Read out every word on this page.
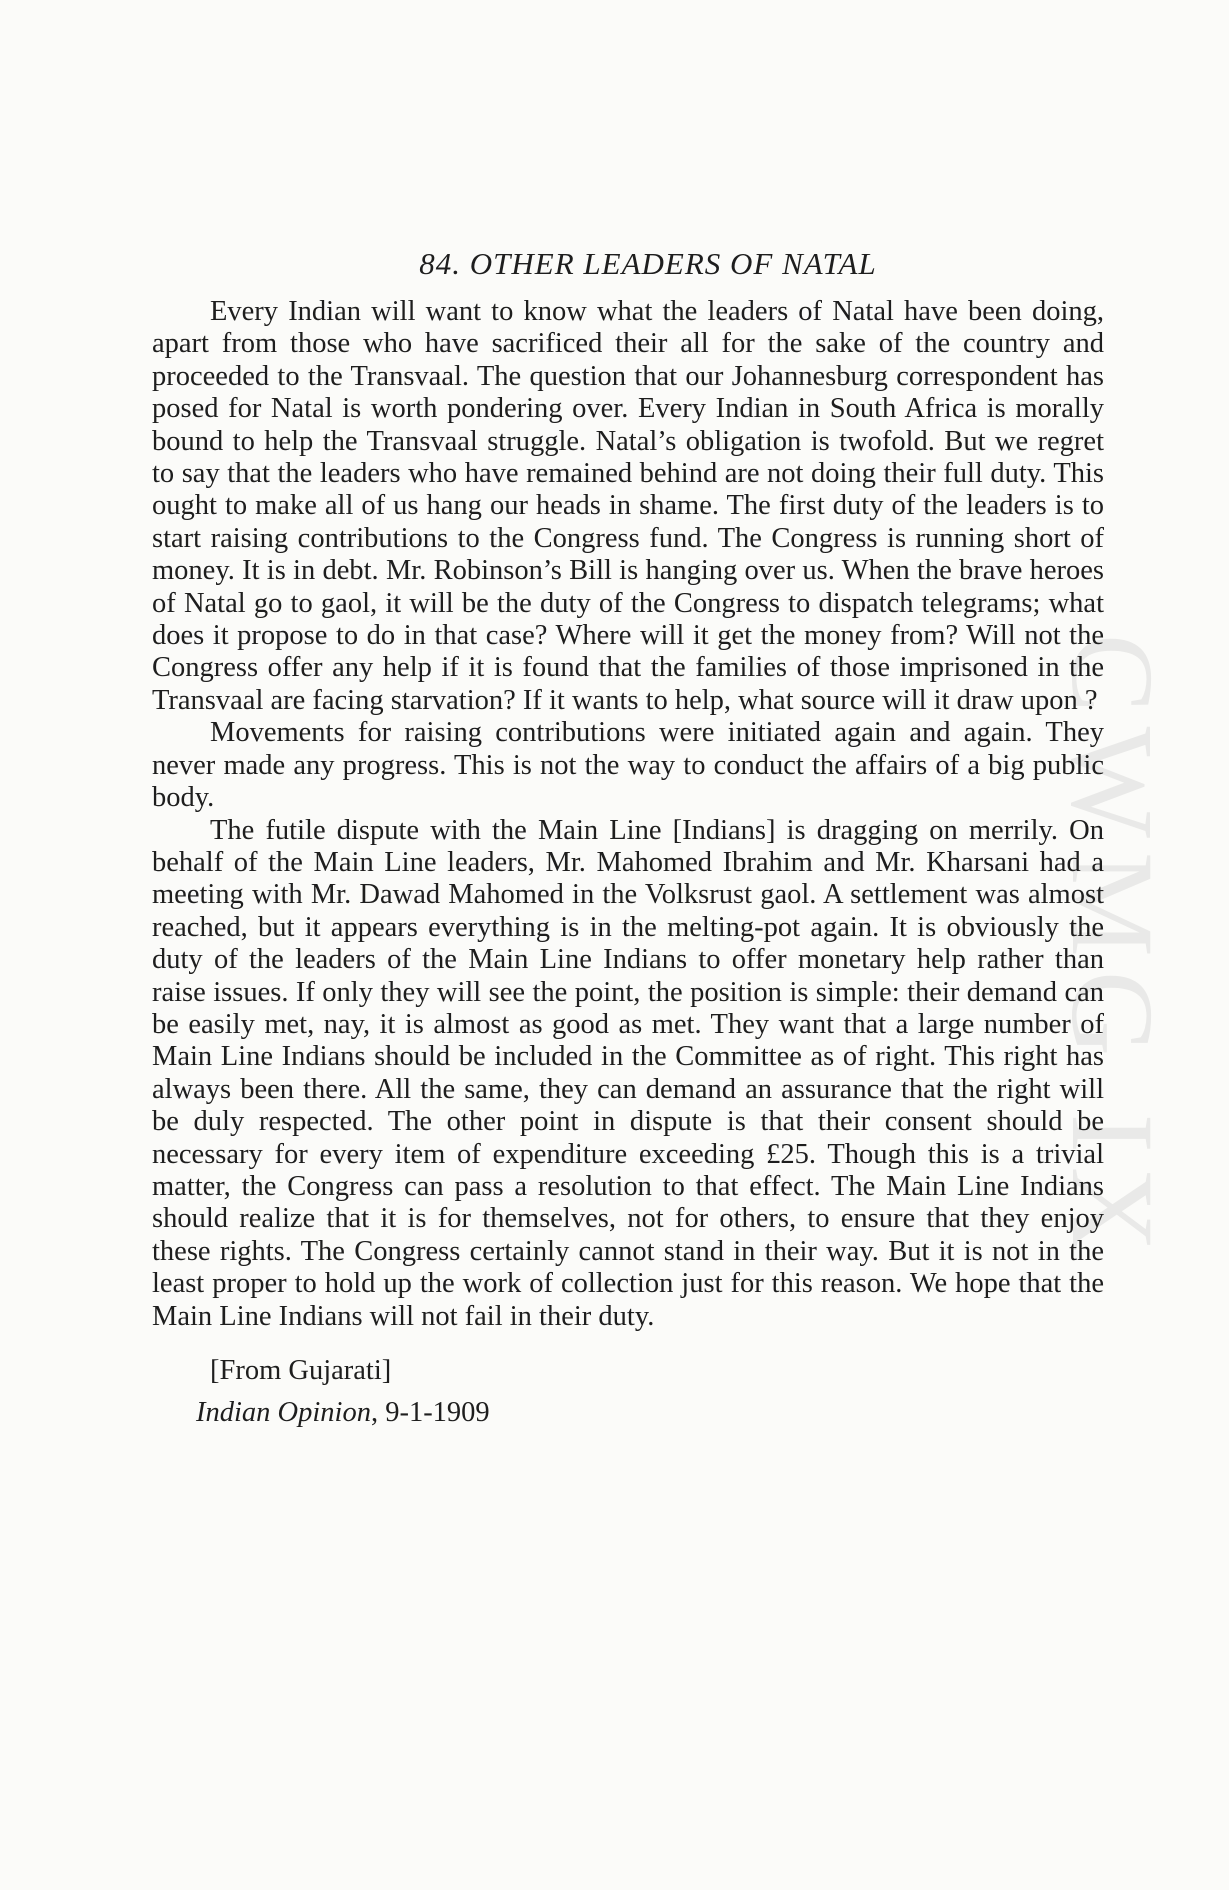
CWMG IX
84. OTHER LEADERS OF NATAL

Every Indian will want to know what the leaders of Natal have been doing, apart from those who have sacrificed their all for the sake of the country and proceeded to the Transvaal. The question that our Johannesburg correspondent has posed for Natal is worth pondering over. Every Indian in South Africa is morally bound to help the Transvaal struggle. Natal’s obligation is twofold. But we regret to say that the leaders who have remained behind are not doing their full duty. This ought to make all of us hang our heads in shame. The first duty of the leaders is to start raising contributions to the Congress fund. The Congress is running short of money. It is in debt. Mr. Robinson’s Bill is hanging over us. When the brave heroes of Natal go to gaol, it will be the duty of the Congress to dispatch telegrams; what does it propose to do in that case? Where will it get the money from? Will not the Congress offer any help if it is found that the families of those imprisoned in the Transvaal are facing starvation? If it wants to help, what source will it draw upon ?

Movements for raising contributions were initiated again and again. They never made any progress. This is not the way to conduct the affairs of a big public body.

The futile dispute with the Main Line [Indians] is dragging on merrily. On behalf of the Main Line leaders, Mr. Mahomed Ibrahim and Mr. Kharsani had a meeting with Mr. Dawad Mahomed in the Volksrust gaol. A settlement was almost reached, but it appears everything is in the melting-pot again. It is obviously the duty of the leaders of the Main Line Indians to offer monetary help rather than raise issues. If only they will see the point, the position is simple: their demand can be easily met, nay, it is almost as good as met. They want that a large number of Main Line Indians should be included in the Committee as of right. This right has always been there. All the same, they can demand an assurance that the right will be duly respected. The other point in dispute is that their consent should be necessary for every item of expenditure exceeding £25. Though this is a trivial matter, the Congress can pass a resolution to that effect. The Main Line Indians should realize that it is for themselves, not for others, to ensure that they enjoy these rights. The Congress certainly cannot stand in their way. But it is not in the least proper to hold up the work of collection just for this reason. We hope that the Main Line Indians will not fail in their duty.

[From Gujarati]
Indian Opinion, 9-1-1909
